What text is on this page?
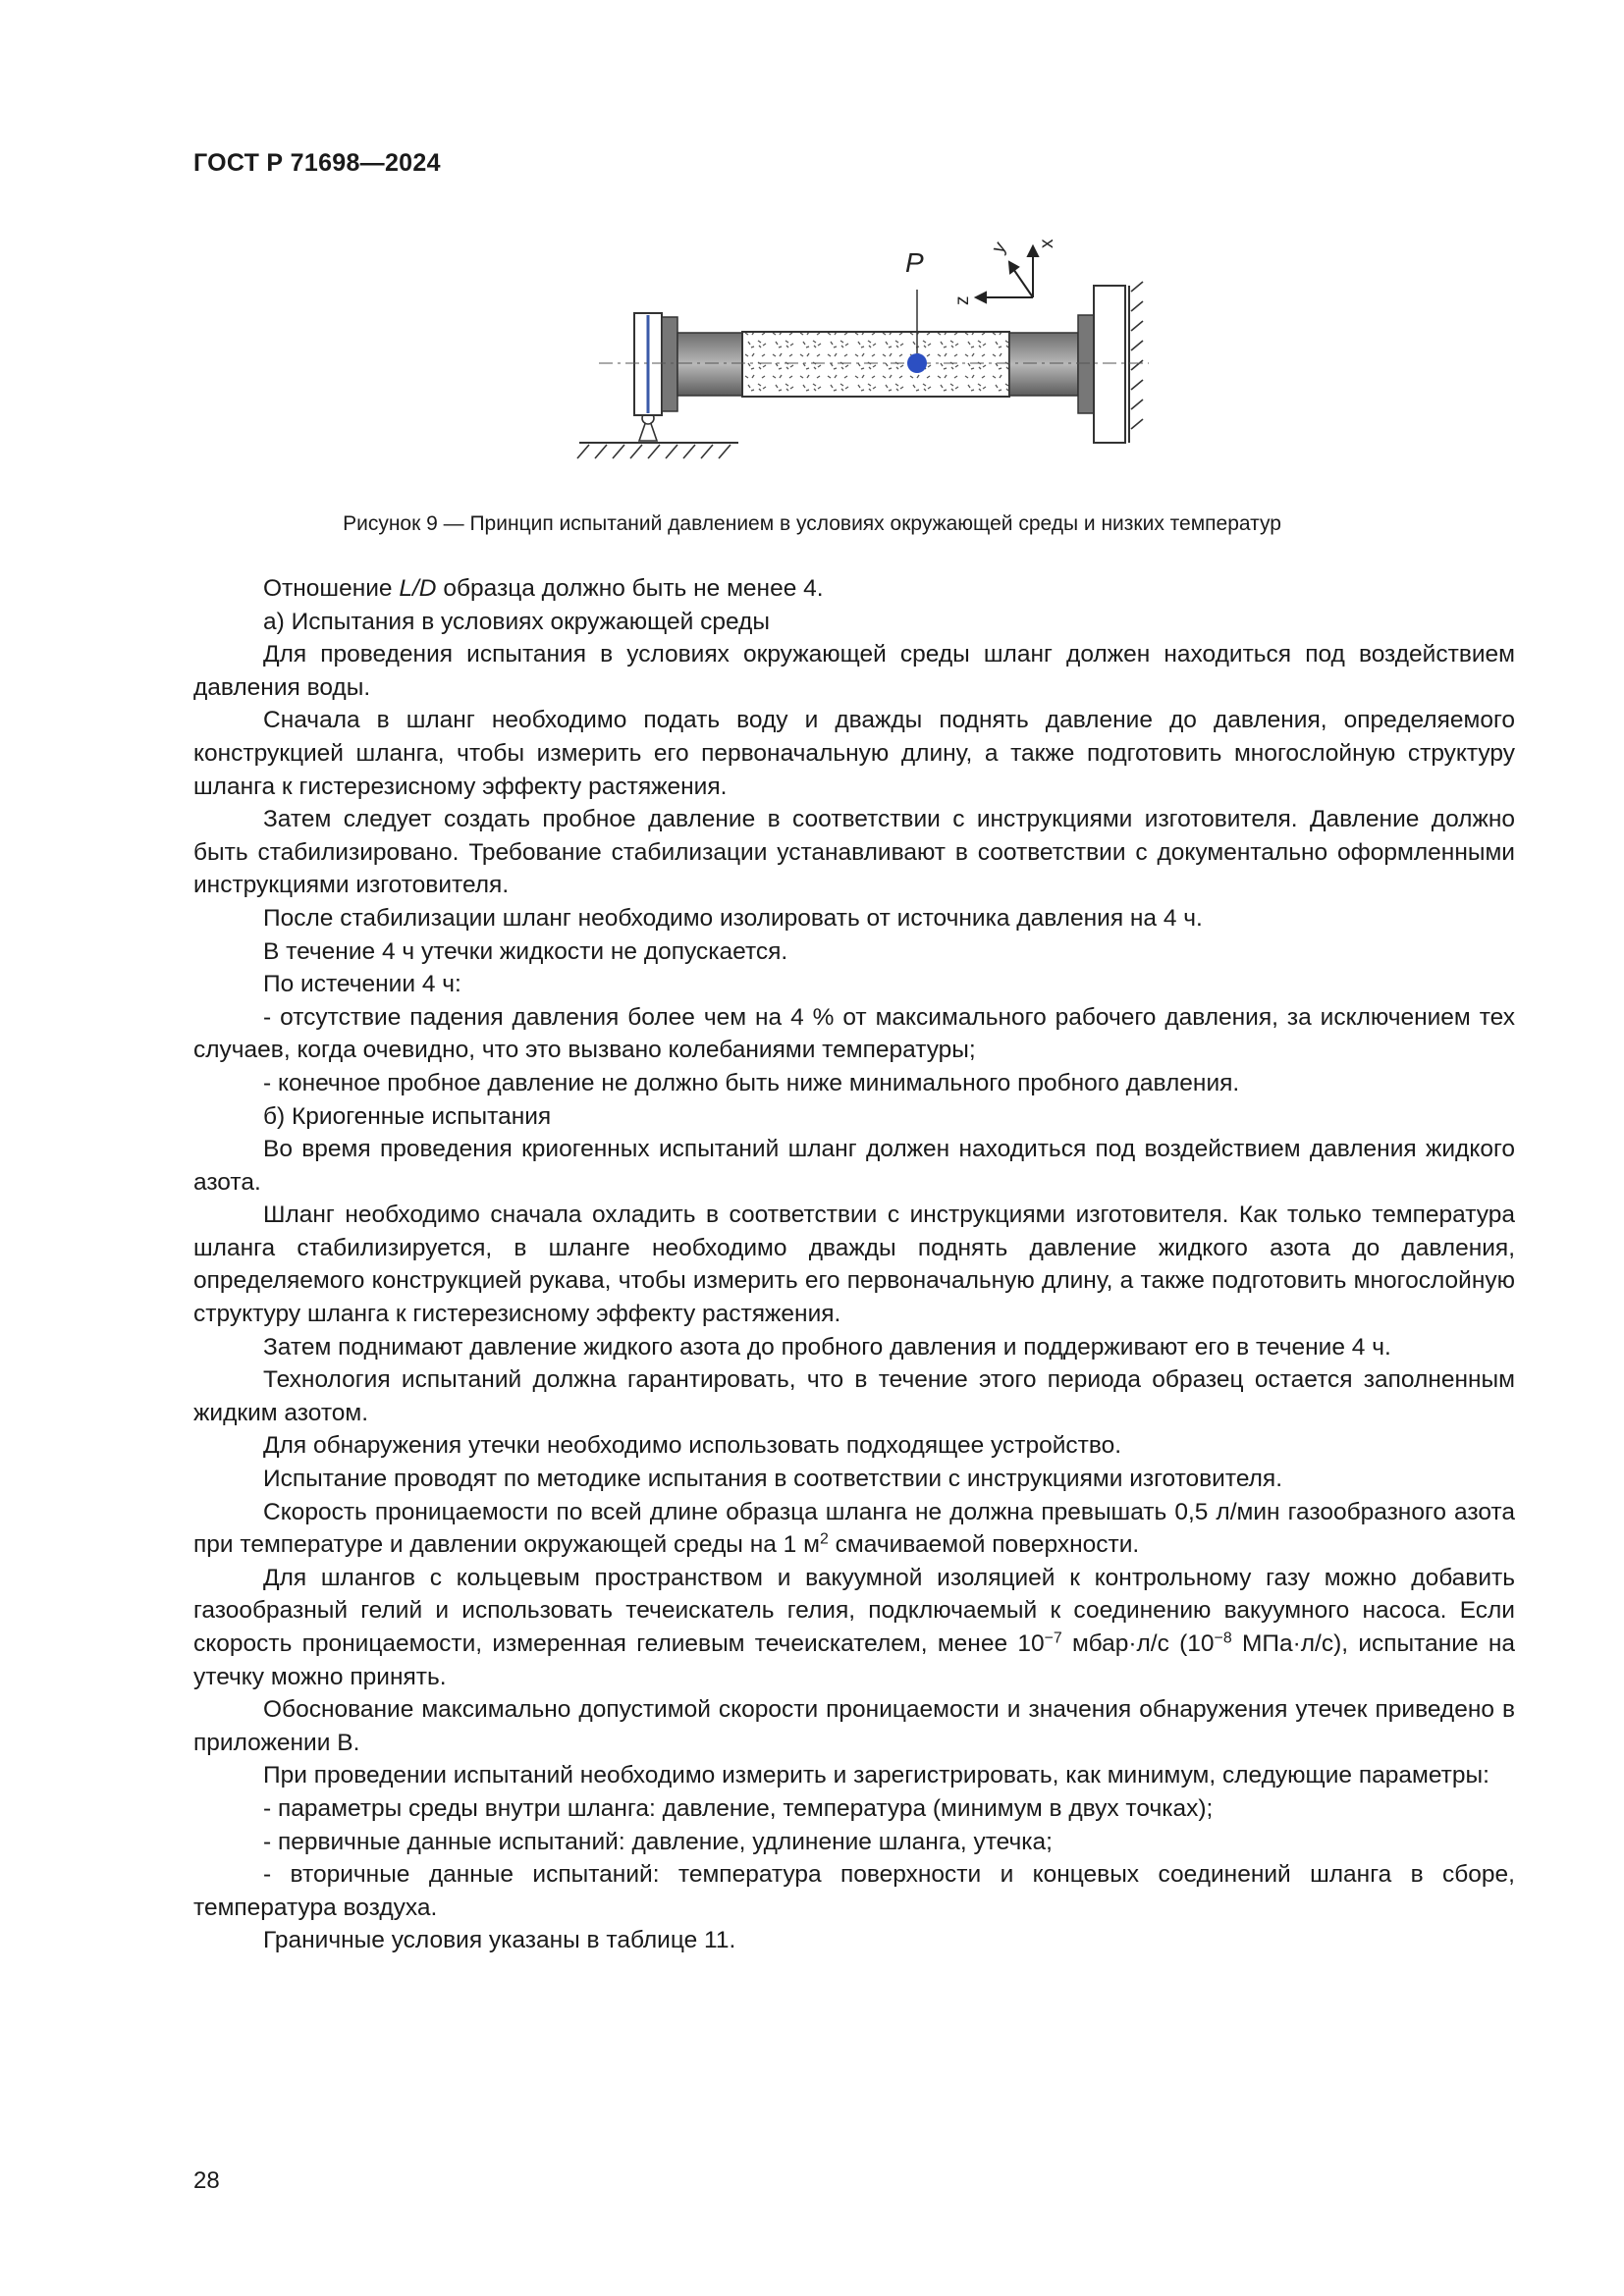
ГОСТ Р 71698—2024
P
z
y x
Рисунок 9 — Принцип испытаний давлением в условиях окружающей среды и низких температур

Отношение L/D образца должно быть не менее 4.

а) Испытания в условиях окружающей среды

Для проведения испытания в условиях окружающей среды шланг должен находиться под воздействием давления воды.

Сначала в шланг необходимо подать воду и дважды поднять давление до давления, определяемого конструкцией шланга, чтобы измерить его первоначальную длину, а также подготовить многослойную структуру шланга к гистерезисному эффекту растяжения.

Затем следует создать пробное давление в соответствии с инструкциями изготовителя. Давление должно быть стабилизировано. Требование стабилизации устанавливают в соответствии с документально оформленными инструкциями изготовителя.

После стабилизации шланг необходимо изолировать от источника давления на 4 ч.

В течение 4 ч утечки жидкости не допускается.

По истечении 4 ч:

- отсутствие падения давления более чем на 4 % от максимального рабочего давления, за исключением тех случаев, когда очевидно, что это вызвано колебаниями температуры;

- конечное пробное давление не должно быть ниже минимального пробного давления.

б) Криогенные испытания

Во время проведения криогенных испытаний шланг должен находиться под воздействием давления жидкого азота.

Шланг необходимо сначала охладить в соответствии с инструкциями изготовителя. Как только температура шланга стабилизируется, в шланге необходимо дважды поднять давление жидкого азота до давления, определяемого конструкцией рукава, чтобы измерить его первоначальную длину, а также подготовить многослойную структуру шланга к гистерезисному эффекту растяжения.

Затем поднимают давление жидкого азота до пробного давления и поддерживают его в течение 4 ч.

Технология испытаний должна гарантировать, что в течение этого периода образец остается заполненным жидким азотом.

Для обнаружения утечки необходимо использовать подходящее устройство.

Испытание проводят по методике испытания в соответствии с инструкциями изготовителя.

Скорость проницаемости по всей длине образца шланга не должна превышать 0,5 л/мин газообразного азота при температуре и давлении окружающей среды на 1 $м^2$ смачиваемой поверхности.

Для шлангов с кольцевым пространством и вакуумной изоляцией к контрольному газу можно добавить газообразный гелий и использовать течеискатель гелия, подключаемый к соединению вакуумного насоса. Если скорость проницаемости, измеренная гелиевым течеискателем, менее $10^{-7}$ мбар·л/с ($10^{-8}$ МПа·л/с), испытание на утечку можно принять.

Обоснование максимально допустимой скорости проницаемости и значения обнаружения утечек приведено в приложении В.

При проведении испытаний необходимо измерить и зарегистрировать, как минимум, следующие параметры:

- параметры среды внутри шланга: давление, температура (минимум в двух точках);

- первичные данные испытаний: давление, удлинение шланга, утечка;

- вторичные данные испытаний: температура поверхности и концевых соединений шланга в сборе, температура воздуха.

Граничные условия указаны в таблице 11.

28
